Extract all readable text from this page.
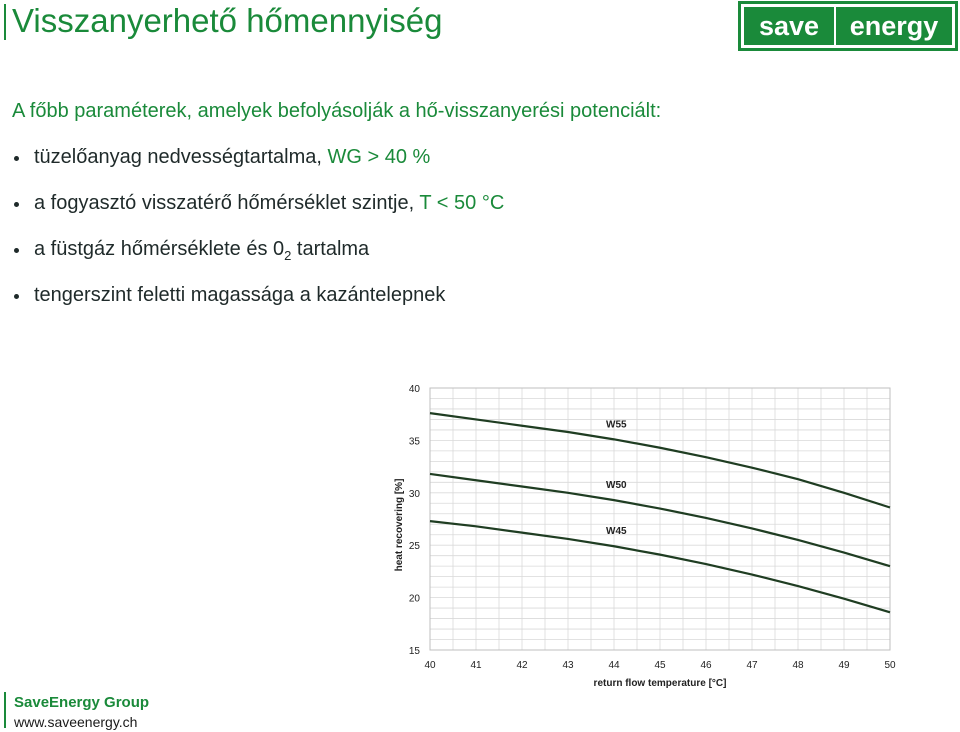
Visszanyerhető hőmennyiség	save	energy
A főbb paraméterek, amelyek befolyásolják a hő-visszanyerési potenciált:
tüzelőanyag nedvességtartalma, WG > 40 %
a fogyasztó visszatérő hőmérséklet szintje, T < 50 °C
a füstgáz hőmérséklete és $0_2$ tartalma
tengerszint feletti magassága a kazántelepnek
15
20
25
30
35
40
40	41	42	43	44	45	46	47	48	49	50
return flow temperature [°C]
heat recovering [%]
W55
W50
W45
SaveEnergy Group
www.saveenergy.ch
